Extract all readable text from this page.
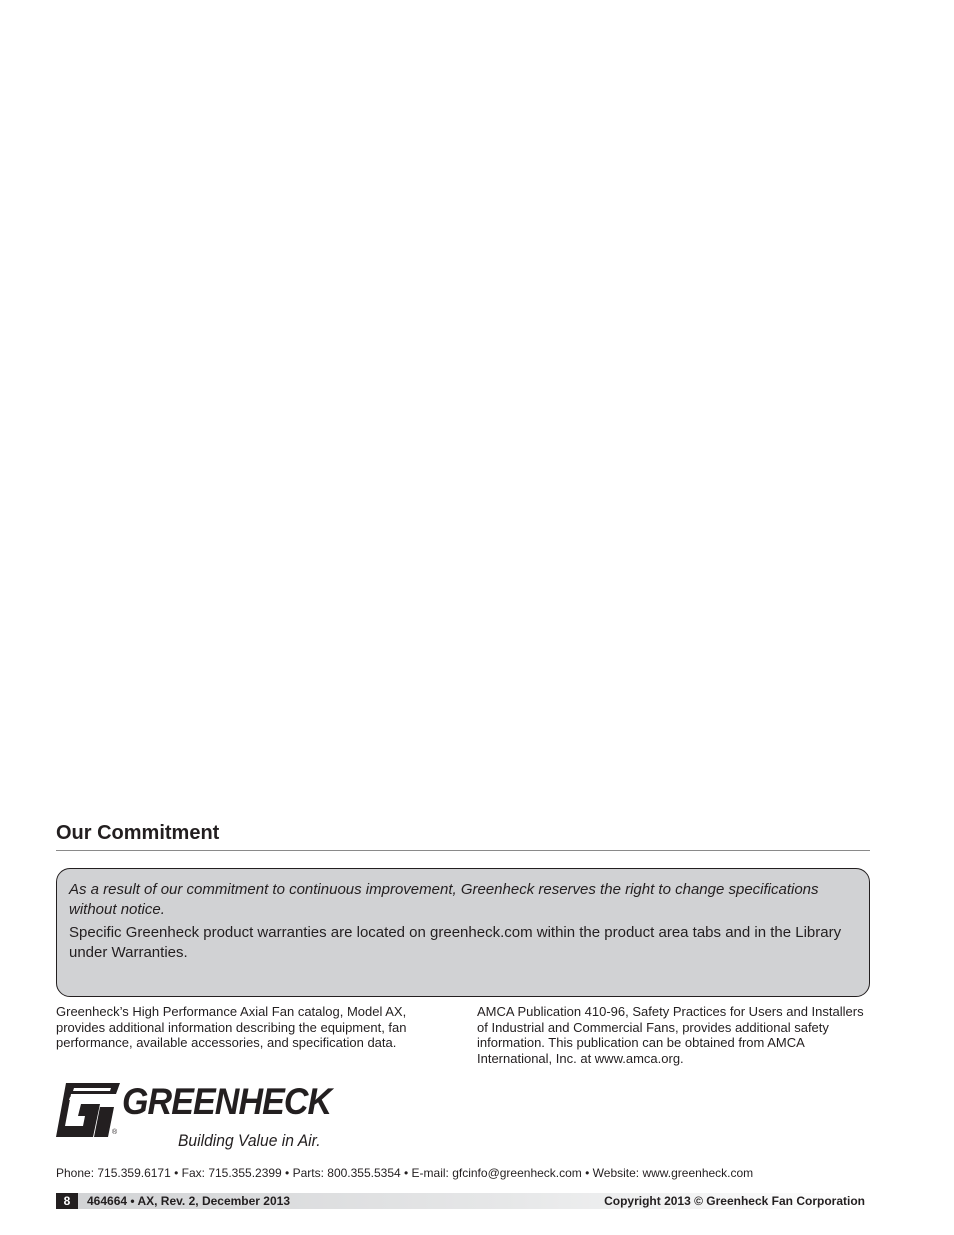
Our Commitment

As a result of our commitment to continuous improvement, Greenheck reserves the right to change specifications without notice.

Specific Greenheck product warranties are located on greenheck.com within the product area tabs and in the Library under Warranties.

Greenheck’s High Performance Axial Fan catalog, Model AX, provides additional information describing the equipment, fan performance, available accessories, and specification data.

AMCA Publication 410-96, Safety Practices for Users and Installers of Industrial and Commercial Fans, provides additional safety information. This publication can be obtained from AMCA International, Inc. at www.amca.org.

®
GREENHECK
Building Value in Air.

Phone: 715.359.6171 • Fax: 715.355.2399 • Parts: 800.355.5354 • E-mail: gfcinfo@greenheck.com • Website: www.greenheck.com

8	464664 • AX, Rev. 2, December 2013	Copyright 2013 © Greenheck Fan Corporation
